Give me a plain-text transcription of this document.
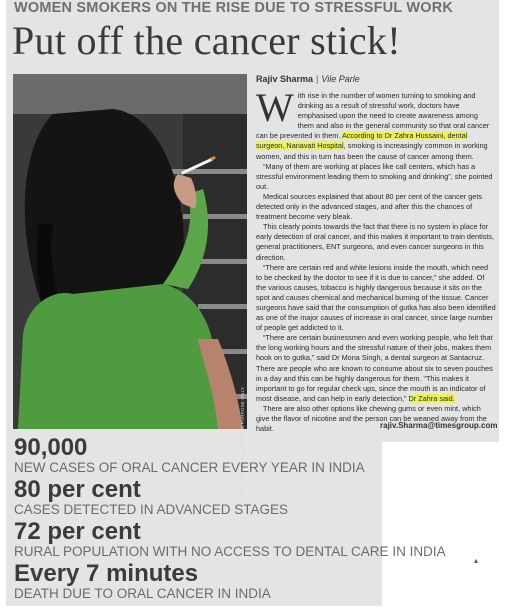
WOMEN SMOKERS ON THE RISE DUE TO STRESSFUL WORK
Put off the cancer stick!
PIC USED FOR ILLUSTRATION PURPOSE ONLY
Rajiv Sharma | Vile Parle

With rise in the number of women turning to smoking and drinking as a result of stressful work, doctors have emphasised upon the need to create awareness among them and also in the general community so that oral cancer can be prevented in them. According to Dr Zahra Hussaini, dental surgeon, Nanavati Hospital, smoking is increasingly common in working women, and this in turn has been the cause of cancer among them.

“Many of them are working at places like call centers, which has a stressful environment leading them to smoking and drinking”, she pointed out.

Medical sources explained that about 80 per cent of the cancer gets detected only in the advanced stages, and after this the chances of treatment become very bleak.

This clearly points towards the fact that there is no system in place for early detection of oral cancer, and this makes it important to train dentists, general practitioners, ENT surgeons, and even cancer surgeons in this direction.

“There are certain red and white lesions inside the mouth, which need to be checked by the doctor to see if it is due to cancer,” she added. Of the various causes, tobacco is highly dangerous because it sits on the spot and causes chemical and mechanical burning of the tissue. Cancer surgeons have said that the consumption of gutka has also been identified as one of the major causes of increase in oral cancer, since large number of people get addicted to it.

“There are certain businessmen and even working people, who felt that the long working hours and the stressful nature of their jobs, makes them hook on to gutka,” said Dr Mona Singh, a dental surgeon at Santacruz. There are people who are known to consume about six to seven pouches in a day and this can be highly dangerous for them. “This makes it important to go for regular check ups, since the mouth is an indicator of most disease, and can help in early detection,” Dr Zahra said.

There are also other options like chewing gums or even mint, which give the flavor of nicotine and the person can be weaned away from the habit.	rajiv.Sharma@timesgroup.com
▴
90,000
NEW CASES OF ORAL CANCER EVERY YEAR IN INDIA
80 per cent
CASES DETECTED IN ADVANCED STAGES
72 per cent
RURAL POPULATION WITH NO ACCESS TO DENTAL CARE IN INDIA
Every 7 minutes
DEATH DUE TO ORAL CANCER IN INDIA
